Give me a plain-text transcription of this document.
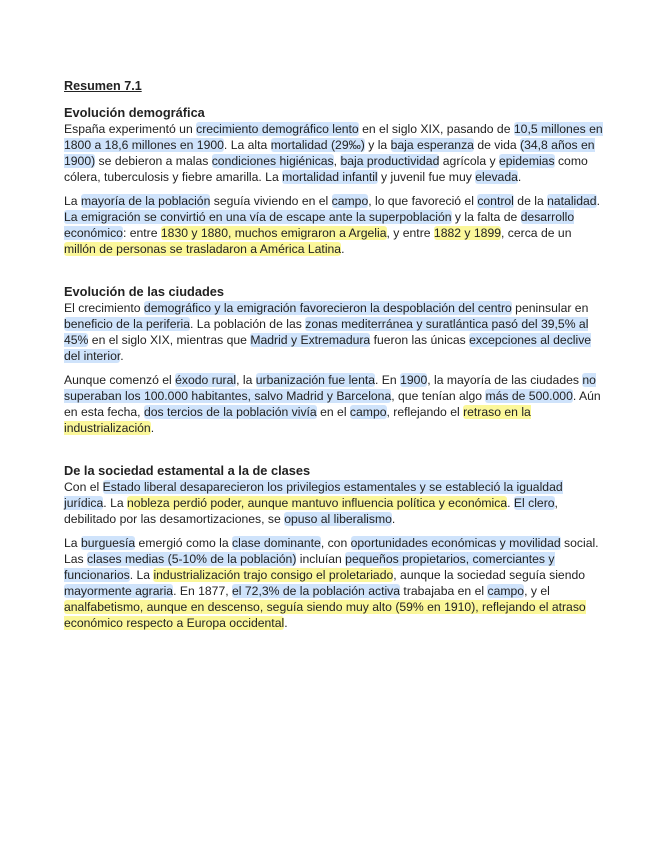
Resumen 7.1
Evolución demográfica

España experimentó un crecimiento demográfico lento en el siglo XIX, pasando de 10,5 millones en 1800 a 18,6 millones en 1900. La alta mortalidad (29‰) y la baja esperanza de vida (34,8 años en 1900) se debieron a malas condiciones higiénicas, baja productividad agrícola y epidemias como cólera, tuberculosis y fiebre amarilla. La mortalidad infantil y juvenil fue muy elevada.

La mayoría de la población seguía viviendo en el campo, lo que favoreció el control de la natalidad. La emigración se convirtió en una vía de escape ante la superpoblación y la falta de desarrollo económico: entre 1830 y 1880, muchos emigraron a Argelia, y entre 1882 y 1899, cerca de un millón de personas se trasladaron a América Latina.

Evolución de las ciudades

El crecimiento demográfico y la emigración favorecieron la despoblación del centro peninsular en beneficio de la periferia. La población de las zonas mediterránea y suratlántica pasó del 39,5% al 45% en el siglo XIX, mientras que Madrid y Extremadura fueron las únicas excepciones al declive del interior.

Aunque comenzó el éxodo rural, la urbanización fue lenta. En 1900, la mayoría de las ciudades no superaban los 100.000 habitantes, salvo Madrid y Barcelona, que tenían algo más de 500.000. Aún en esta fecha, dos tercios de la población vivía en el campo, reflejando el retraso en la industrialización.

De la sociedad estamental a la de clases

Con el Estado liberal desaparecieron los privilegios estamentales y se estableció la igualdad jurídica. La nobleza perdió poder, aunque mantuvo influencia política y económica. El clero, debilitado por las desamortizaciones, se opuso al liberalismo.

La burguesía emergió como la clase dominante, con oportunidades económicas y movilidad social. Las clases medias (5-10% de la población) incluían pequeños propietarios, comerciantes y funcionarios. La industrialización trajo consigo el proletariado, aunque la sociedad seguía siendo mayormente agraria. En 1877, el 72,3% de la población activa trabajaba en el campo, y el analfabetismo, aunque en descenso, seguía siendo muy alto (59% en 1910), reflejando el atraso económico respecto a Europa occidental.
